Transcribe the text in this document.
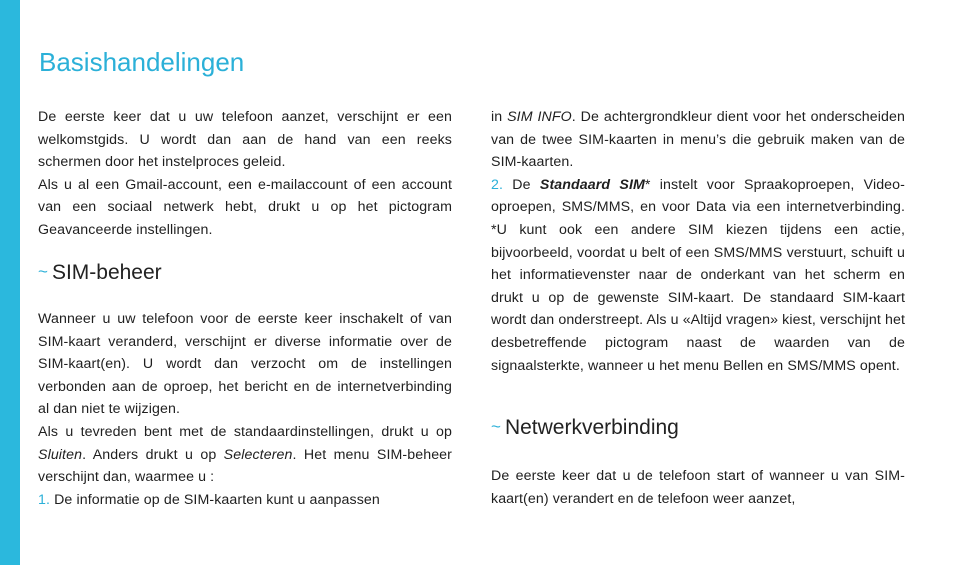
Basishandelingen

De eerste keer dat u uw telefoon aanzet, verschijnt er een welkomstgids. U wordt dan aan de hand van een reeks schermen door het instelproces geleid.

Als u al een Gmail-account, een e-mailaccount of een account van een sociaal netwerk hebt, drukt u op het pictogram Geavanceerde instellingen.

~ SIM-beheer

Wanneer u uw telefoon voor de eerste keer inschakelt of van SIM-kaart veranderd, verschijnt er diverse informatie over de SIM-kaart(en). U wordt dan verzocht om de instellingen verbonden aan de oproep, het bericht en de internetverbinding al dan niet te wijzigen.

Als u tevreden bent met de standaardinstellingen, drukt u op Sluiten. Anders drukt u op Selecteren. Het menu SIM-beheer verschijnt dan, waarmee u :

1. De informatie op de SIM-kaarten kunt u aanpassen

in SIM INFO. De achtergrondkleur dient voor het onderscheiden van de twee SIM-kaarten in menu’s die gebruik maken van de SIM-kaarten.

2. De Standaard SIM* instelt voor Spraakoproepen, Video-oproepen, SMS/MMS, en voor Data via een internetverbinding. *U kunt ook een andere SIM kiezen tijdens een actie, bijvoorbeeld, voordat u belt of een SMS/MMS verstuurt, schuift u het informatievenster naar de onderkant van het scherm en drukt u op de gewenste SIM-kaart. De standaard SIM-kaart wordt dan onderstreept. Als u «Altijd vragen» kiest, verschijnt het desbetreffende pictogram naast de waarden van de signaalsterkte, wanneer u het menu Bellen en SMS/MMS opent.

~ Netwerkverbinding

De eerste keer dat u de telefoon start of wanneer u van SIM-kaart(en) verandert en de telefoon weer aanzet,
